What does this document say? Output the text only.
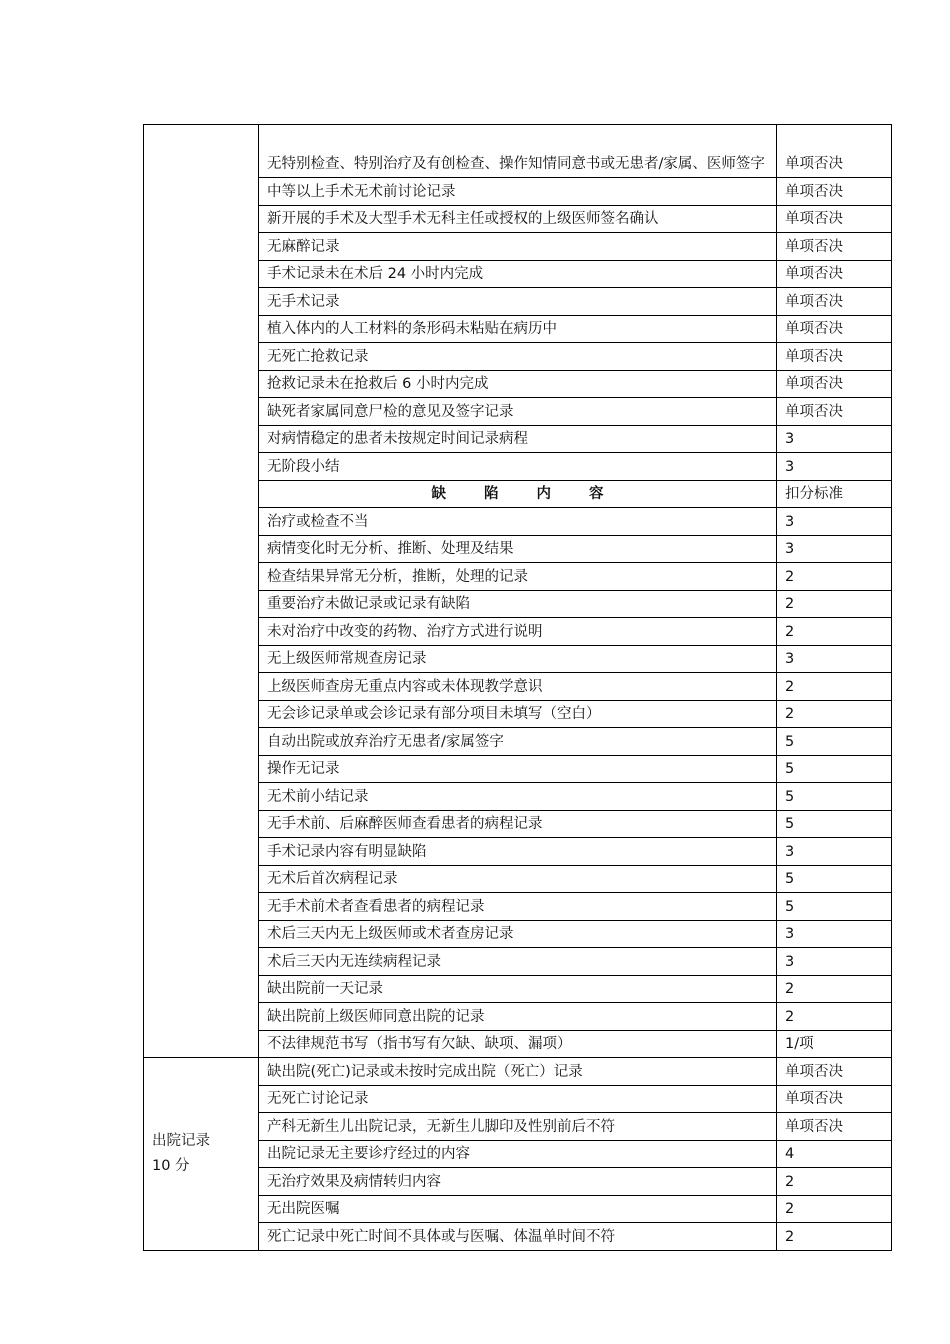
	无特别检查、特别治疗及有创检查、操作知情同意书或无患者/家属、医师签字	单项否决
	中等以上手术无术前讨论记录	单项否决
	新开展的手术及大型手术无科主任或授权的上级医师签名确认	单项否决
	无麻醉记录	单项否决
	手术记录未在术后 24 小时内完成	单项否决
	无手术记录	单项否决
	植入体内的人工材料的条形码未粘贴在病历中	单项否决
	无死亡抢救记录	单项否决
	抢救记录未在抢救后 6 小时内完成	单项否决
	缺死者家属同意尸检的意见及签字记录	单项否决
	对病情稳定的患者未按规定时间记录病程	3
	无阶段小结	3
	缺陷内容	扣分标准
	治疗或检查不当	3
	病情变化时无分析、推断、处理及结果	3
	检查结果异常无分析，推断，处理的记录	2
	重要治疗未做记录或记录有缺陷	2
	未对治疗中改变的药物、治疗方式进行说明	2
	无上级医师常规查房记录	3
	上级医师查房无重点内容或未体现教学意识	2
	无会诊记录单或会诊记录有部分项目未填写（空白）	2
	自动出院或放弃治疗无患者/家属签字	5
	操作无记录	5
	无术前小结记录	5
	无手术前、后麻醉医师查看患者的病程记录	5
	手术记录内容有明显缺陷	3
	无术后首次病程记录	5
	无手术前术者查看患者的病程记录	5
	术后三天内无上级医师或术者查房记录	3
	术后三天内无连续病程记录	3
	缺出院前一天记录	2
	缺出院前上级医师同意出院的记录	2
	不法律规范书写（指书写有欠缺、缺项、漏项）	1/项

出院记录
10 分	缺出院(死亡)记录或未按时完成出院（死亡）记录	单项否决
	无死亡讨论记录	单项否决
	产科无新生儿出院记录，无新生儿脚印及性别前后不符	单项否决
	出院记录无主要诊疗经过的内容	4
	无治疗效果及病情转归内容	2
	无出院医嘱	2
	死亡记录中死亡时间不具体或与医嘱、体温单时间不符	2
